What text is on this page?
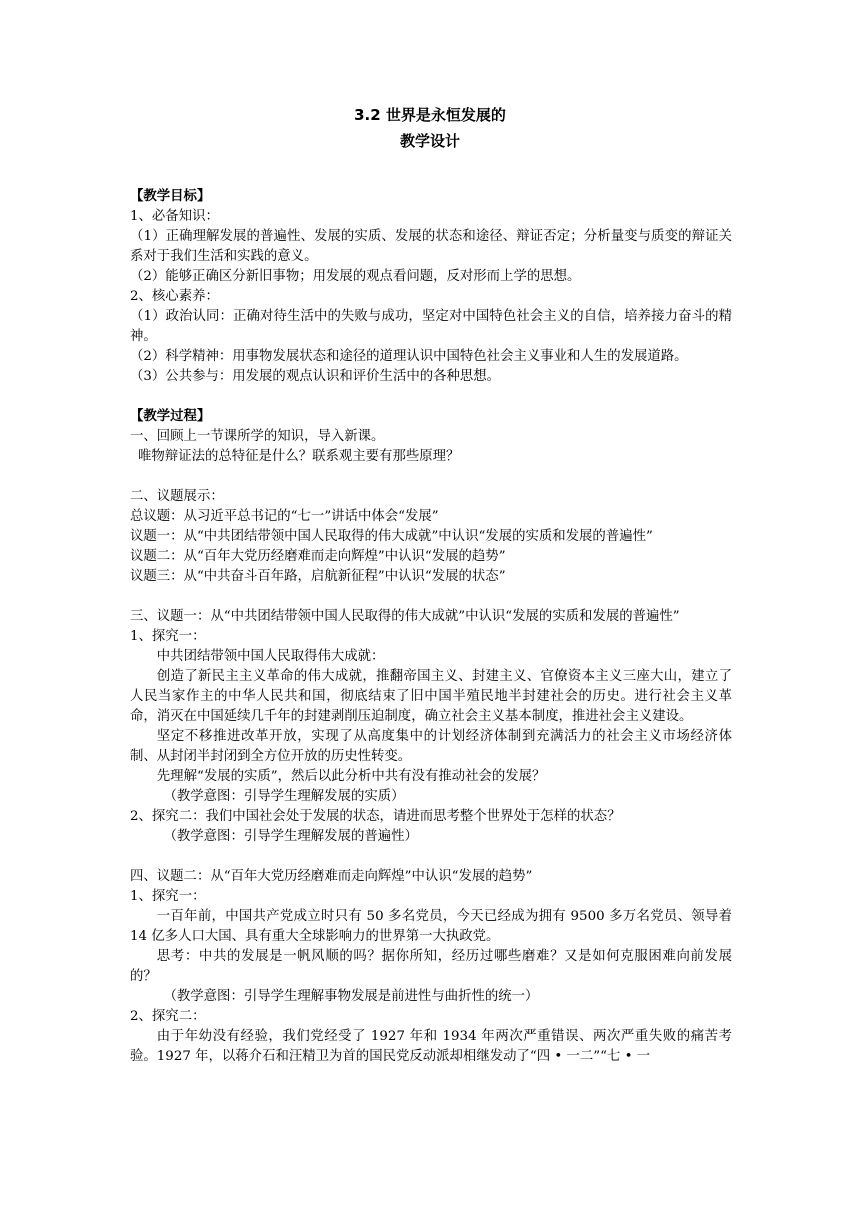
3.2 世界是永恒发展的
教学设计

【教学目标】

1、必备知识：

（1）正确理解发展的普遍性、发展的实质、发展的状态和途径、辩证否定；分析量变与质变的辩证关系对于我们生活和实践的意义。

（2）能够正确区分新旧事物；用发展的观点看问题，反对形而上学的思想。

2、核心素养：

（1）政治认同：正确对待生活中的失败与成功，坚定对中国特色社会主义的自信，培养接力奋斗的精神。

（2）科学精神：用事物发展状态和途径的道理认识中国特色社会主义事业和人生的发展道路。

（3）公共参与：用发展的观点认识和评价生活中的各种思想。

【教学过程】

一、回顾上一节课所学的知识，导入新课。

唯物辩证法的总特征是什么？联系观主要有那些原理？

二、议题展示：

总议题：从习近平总书记的“七一”讲话中体会“发展”

议题一：从“中共团结带领中国人民取得的伟大成就”中认识“发展的实质和发展的普遍性”

议题二：从“百年大党历经磨难而走向辉煌”中认识“发展的趋势”

议题三：从“中共奋斗百年路，启航新征程”中认识“发展的状态”

三、议题一：从“中共团结带领中国人民取得的伟大成就”中认识“发展的实质和发展的普遍性”

1、探究一：

中共团结带领中国人民取得伟大成就：

创造了新民主主义革命的伟大成就，推翻帝国主义、封建主义、官僚资本主义三座大山，建立了人民当家作主的中华人民共和国，彻底结束了旧中国半殖民地半封建社会的历史。进行社会主义革命，消灭在中国延续几千年的封建剥削压迫制度，确立社会主义基本制度，推进社会主义建设。

坚定不移推进改革开放，实现了从高度集中的计划经济体制到充满活力的社会主义市场经济体制、从封闭半封闭到全方位开放的历史性转变。

先理解“发展的实质”，然后以此分析中共有没有推动社会的发展？

（教学意图：引导学生理解发展的实质）

2、探究二：我们中国社会处于发展的状态，请进而思考整个世界处于怎样的状态？

（教学意图：引导学生理解发展的普遍性）

四、议题二：从“百年大党历经磨难而走向辉煌”中认识“发展的趋势”

1、探究一：

一百年前，中国共产党成立时只有 50 多名党员，今天已经成为拥有 9500 多万名党员、领导着 14 亿多人口大国、具有重大全球影响力的世界第一大执政党。

思考：中共的发展是一帆风顺的吗？据你所知，经历过哪些磨难？又是如何克服困难向前发展的？

（教学意图：引导学生理解事物发展是前进性与曲折性的统一）

2、探究二：

由于年幼没有经验，我们党经受了 1927 年和 1934 年两次严重错误、两次严重失败的痛苦考验。1927 年，以蒋介石和汪精卫为首的国民党反动派却相继发动了“四 • 一二”“七 • 一
